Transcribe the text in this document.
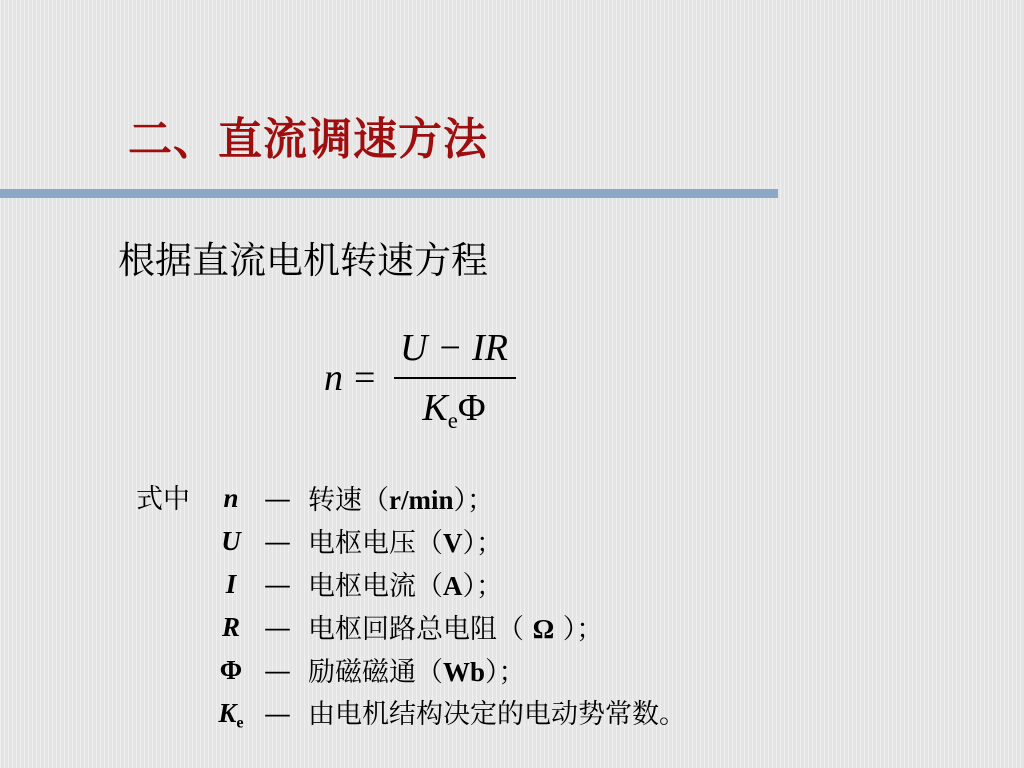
二、直流调速方法
根据直流电机转速方程
n =
U − IR
$K_e\Phi$
式中	n — 转速（r/min）；
U — 电枢电压（V）；
I	— 电枢电流（A）；
R — 电枢回路总电阻（ Ω ）；
Φ — 励磁磁通（Wb）；
$K_e$ — 由电机结构决定的电动势常数。
